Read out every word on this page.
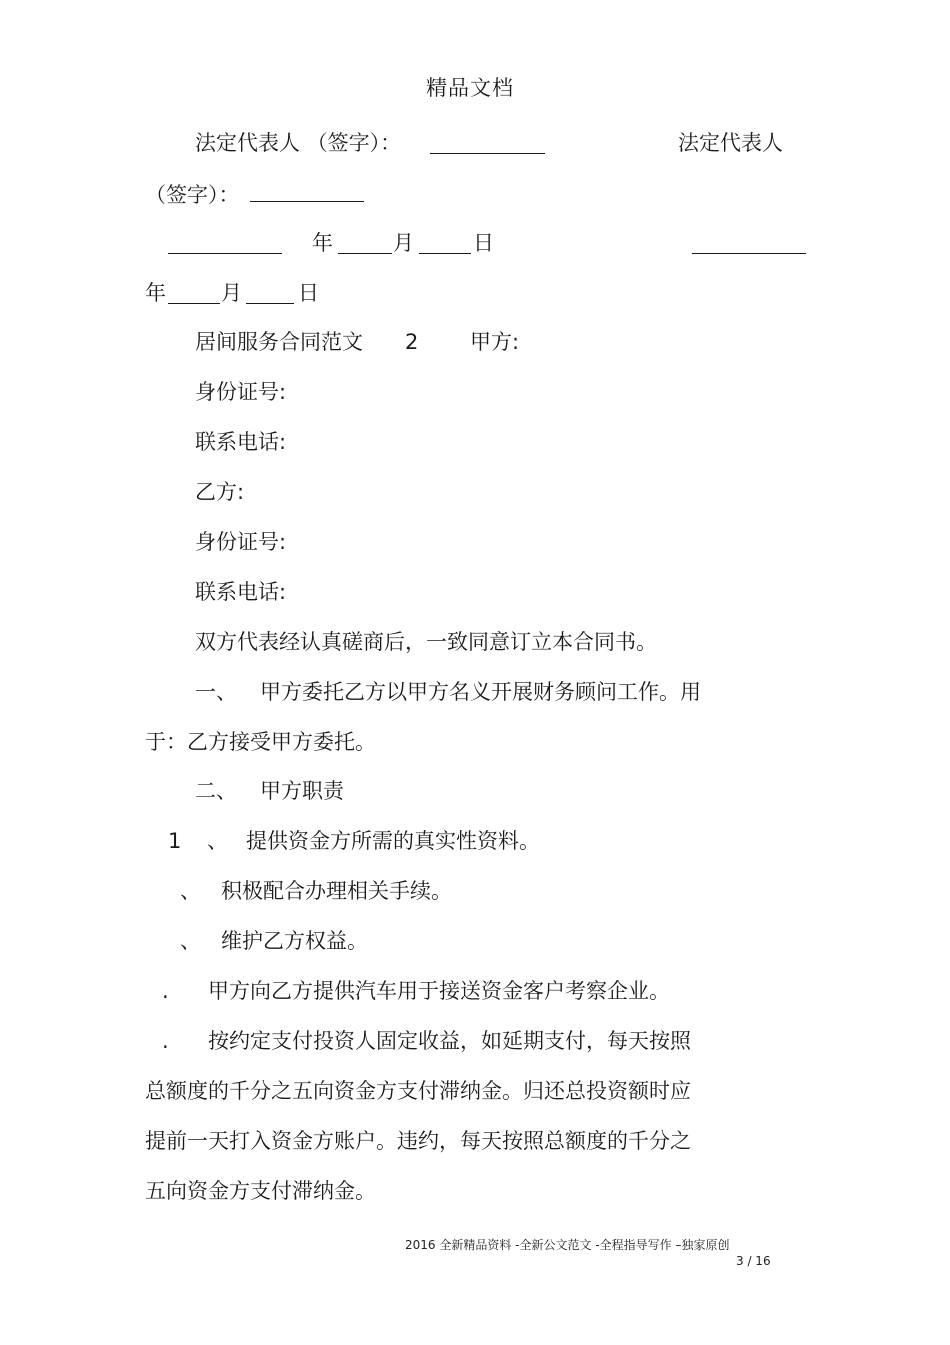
精品文档
法定代表人 （签字）：	法定代表人
（签字）：
年	月	日
年	月	日
居间服务合同范文 2 甲方:
身份证号:
联系电话:
乙方:
身份证号:
联系电话:
双方代表经认真磋商后，一致同意订立本合同书。
一、 甲方委托乙方以甲方名义开展财务顾问工作。用
于：乙方接受甲方委托。
二、 甲方职责
1 、 提供资金方所需的真实性资料。
、 积极配合办理相关手续。
、 维护乙方权益。
. 甲方向乙方提供汽车用于接送资金客户考察企业。
. 按约定支付投资人固定收益，如延期支付，每天按照
总额度的千分之五向资金方支付滞纳金。归还总投资额时应
提前一天打入资金方账户。违约，每天按照总额度的千分之
五向资金方支付滞纳金。
2016 全新精品资料 -全新公文范文 -全程指导写作 –独家原创
3 / 16
